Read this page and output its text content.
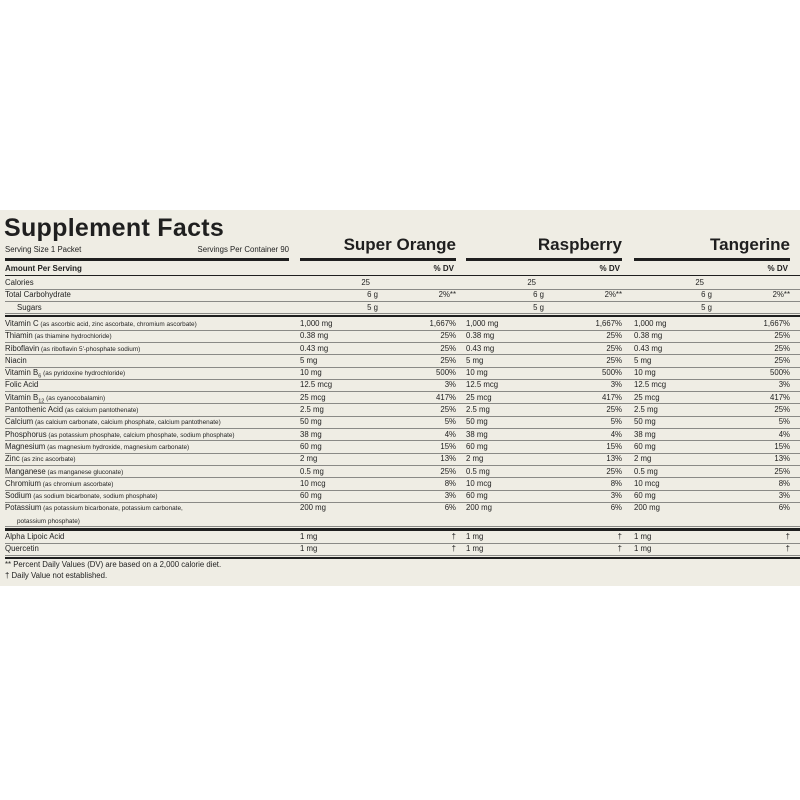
Supplement Facts
Serving Size 1 Packet	Servings Per Container 90	Super Orange	Raspberry	Tangerine
Amount Per Serving	% DV	% DV	% DV
Calories	25	25	25
Total Carbohydrate	6 g	2%**	6 g	2%**	6 g	2%**
Sugars	5 g	5 g	5 g
Vitamin C (as ascorbic acid, zinc ascorbate, chromium ascorbate)	1,000 mg	1,667% 1,000 mg	1,667% 1,000 mg	1,667%
Thiamin (as thiamine hydrochloride)	0.38 mg	25% 0.38 mg	25% 0.38 mg	25%
Riboflavin (as riboflavin 5'-phosphate sodium)	0.43 mg	25% 0.43 mg	25% 0.43 mg	25%
Niacin	5 mg	25% 5 mg	25% 5 mg	25%
Vitamin $B_6$ (as pyridoxine hydrochloride)	10 mg	500% 10 mg	500% 10 mg	500%
Folic Acid	12.5 mcg	3% 12.5 mcg	3% 12.5 mcg	3%
Vitamin $B_{12}$ (as cyanocobalamin)	25 mcg	417% 25 mcg	417% 25 mcg	417%
Pantothenic Acid (as calcium pantothenate)	2.5 mg	25% 2.5 mg	25% 2.5 mg	25%
Calcium (as calcium carbonate, calcium phosphate, calcium pantothenate)	50 mg	5% 50 mg	5% 50 mg	5%
Phosphorus (as potassium phosphate, calcium phosphate, sodium phosphate)	38 mg	4% 38 mg	4% 38 mg	4%
Magnesium (as magnesium hydroxide, magnesium carbonate)	60 mg	15% 60 mg	15% 60 mg	15%
Zinc (as zinc ascorbate)	2 mg	13% 2 mg	13% 2 mg	13%
Manganese (as manganese gluconate)	0.5 mg	25% 0.5 mg	25% 0.5 mg	25%
Chromium (as chromium ascorbate)	10 mcg	8% 10 mcg	8% 10 mcg	8%
Sodium (as sodium bicarbonate, sodium phosphate)	60 mg	3% 60 mg	3% 60 mg	3%
Potassium (as potassium bicarbonate, potassium carbonate,	200 mg	6% 200 mg	6% 200 mg	6%
potassium phosphate)
Alpha Lipoic Acid	1 mg	† 1 mg	† 1 mg	†
Quercetin	1 mg	† 1 mg	† 1 mg	†
** Percent Daily Values (DV) are based on a 2,000 calorie diet.
† Daily Value not established.
